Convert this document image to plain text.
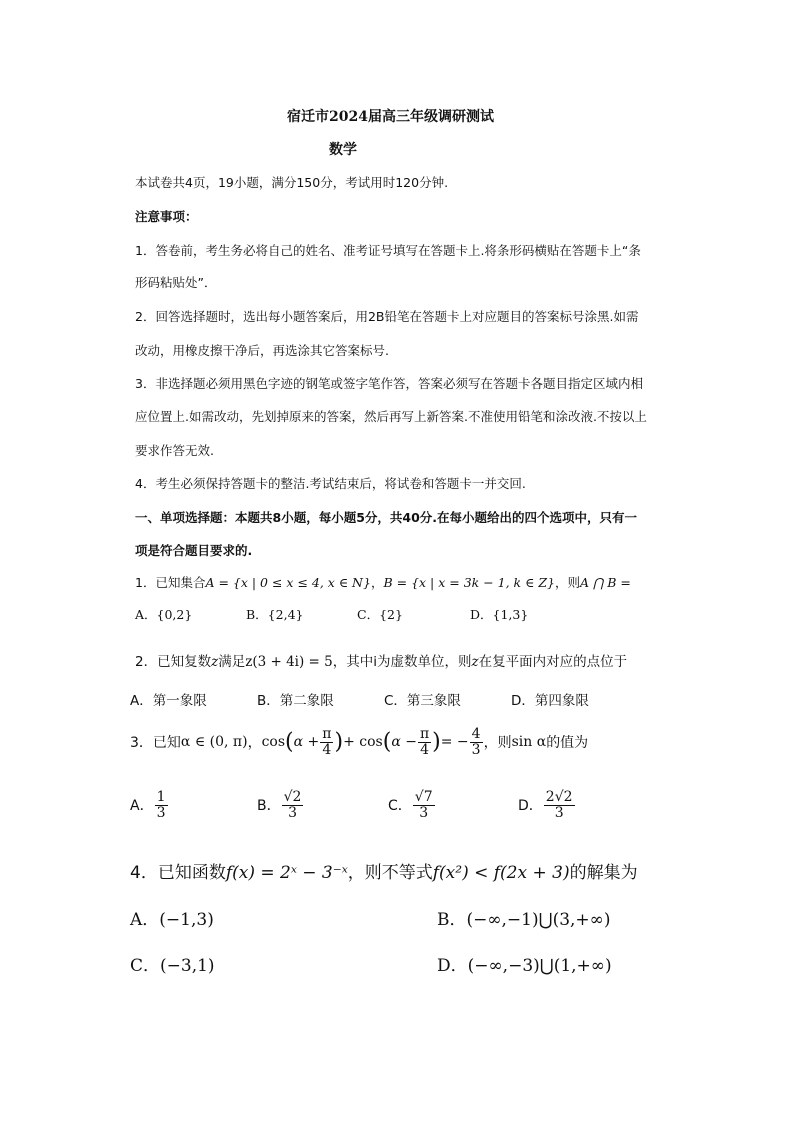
宿迁市2024届高三年级调研测试
数学
本试卷共4页，19小题，满分150分，考试用时120分钟.
注意事项：
1．答卷前，考生务必将自己的姓名、准考证号填写在答题卡上.将条形码横贴在答题卡上“条
形码粘贴处”．
2．回答选择题时，选出每小题答案后，用2B铅笔在答题卡上对应题目的答案标号涂黑.如需
改动，用橡皮擦干净后，再选涂其它答案标号.
3．非选择题必须用黑色字迹的钢笔或签字笔作答，答案必须写在答题卡各题目指定区域内相
应位置上.如需改动，先划掉原来的答案，然后再写上新答案.不准使用铅笔和涂改液.不按以上
要求作答无效.
4．考生必须保持答题卡的整洁.考试结束后，将试卷和答题卡一并交回.
一、单项选择题：本题共8小题，每小题5分，共40分.在每小题给出的四个选项中，只有一
项是符合题目要求的.
1．已知集合A = {x | 0 ≤ x ≤ 4, x ∈ N}，B = {x | x = 3k − 1, k ∈ Z}，则A ⋂ B =
A．{0,2}	B．{2,4}	C．{2}	D．{1,3}
2．已知复数z满足z(3 + 4i) = 5，其中i为虚数单位，则z在复平面内对应的点位于
A．第一象限	B．第二象限	C．第三象限	D．第四象限
3．已知α ∈ (0, π)，$\cos(\alpha + \frac{\pi}{4}$ )+ $\cos(\alpha - \frac{\pi}{4}$ )= − $\frac{4}{3}$ ，则sin α的值为
A． $\frac{1}{3}$	B． $\frac{√2}{3}$	C． $\frac{√7}{3}$	D． $\frac{2√2}{3}$
4．已知函数f(x) = 2ˣ − 3⁻ˣ，则不等式f(x²) < f(2x + 3)的解集为
A．(−1,3)	B．(−∞,−1)⋃(3,+∞)
C．(−3,1)	D．(−∞,−3)⋃(1,+∞)
